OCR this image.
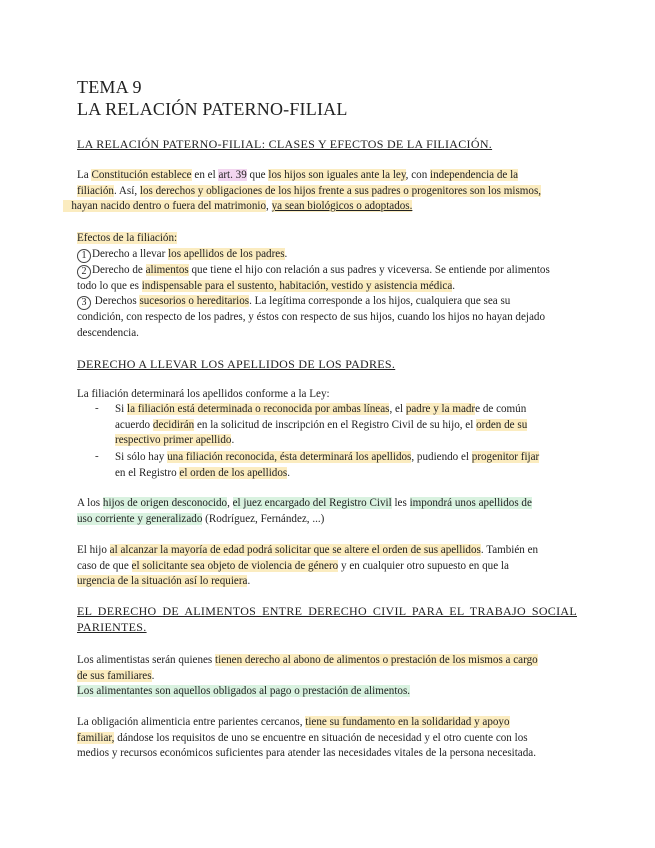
TEMA 9
LA RELACIÓN PATERNO-FILIAL
LA RELACIÓN PATERNO-FILIAL: CLASES Y EFECTOS DE LA FILIACIÓN.
La Constitución establece en el art. 39 que los hijos son iguales ante la ley, con independencia de la
filiación. Así, los derechos y obligaciones de los hijos frente a sus padres o progenitores son los mismos,
hayan nacido dentro o fuera del matrimonio, ya sean biológicos o adoptados.
Efectos de la filiación:
1 Derecho a llevar los apellidos de los padres.
2 Derecho de alimentos que tiene el hijo con relación a sus padres y viceversa. Se entiende por alimentos
todo lo que es indispensable para el sustento, habitación, vestido y asistencia médica.
3 Derechos sucesorios o hereditarios. La legítima corresponde a los hijos, cualquiera que sea su
condición, con respecto de los padres, y éstos con respecto de sus hijos, cuando los hijos no hayan dejado
descendencia.
DERECHO A LLEVAR LOS APELLIDOS DE LOS PADRES.
La filiación determinará los apellidos conforme a la Ley:
- Si la filiación está determinada o reconocida por ambas líneas, el padre y la madre de común
acuerdo decidirán en la solicitud de inscripción en el Registro Civil de su hijo, el orden de su
respectivo primer apellido.
- Si sólo hay una filiación reconocida, ésta determinará los apellidos, pudiendo el progenitor fijar
en el Registro el orden de los apellidos.
A los hijos de origen desconocido, el juez encargado del Registro Civil les impondrá unos apellidos de
uso corriente y generalizado (Rodríguez, Fernández, ...)
El hijo al alcanzar la mayoría de edad podrá solicitar que se altere el orden de sus apellidos. También en
caso de que el solicitante sea objeto de violencia de género y en cualquier otro supuesto en que la
urgencia de la situación así lo requiera.
EL DERECHO DE ALIMENTOS ENTRE DERECHO CIVIL PARA EL TRABAJO SOCIAL
PARIENTES.
Los alimentistas serán quienes tienen derecho al abono de alimentos o prestación de los mismos a cargo
de sus familiares.
Los alimentantes son aquellos obligados al pago o prestación de alimentos.
La obligación alimenticia entre parientes cercanos, tiene su fundamento en la solidaridad y apoyo
familiar, dándose los requisitos de uno se encuentre en situación de necesidad y el otro cuente con los
medios y recursos económicos suficientes para atender las necesidades vitales de la persona necesitada.
